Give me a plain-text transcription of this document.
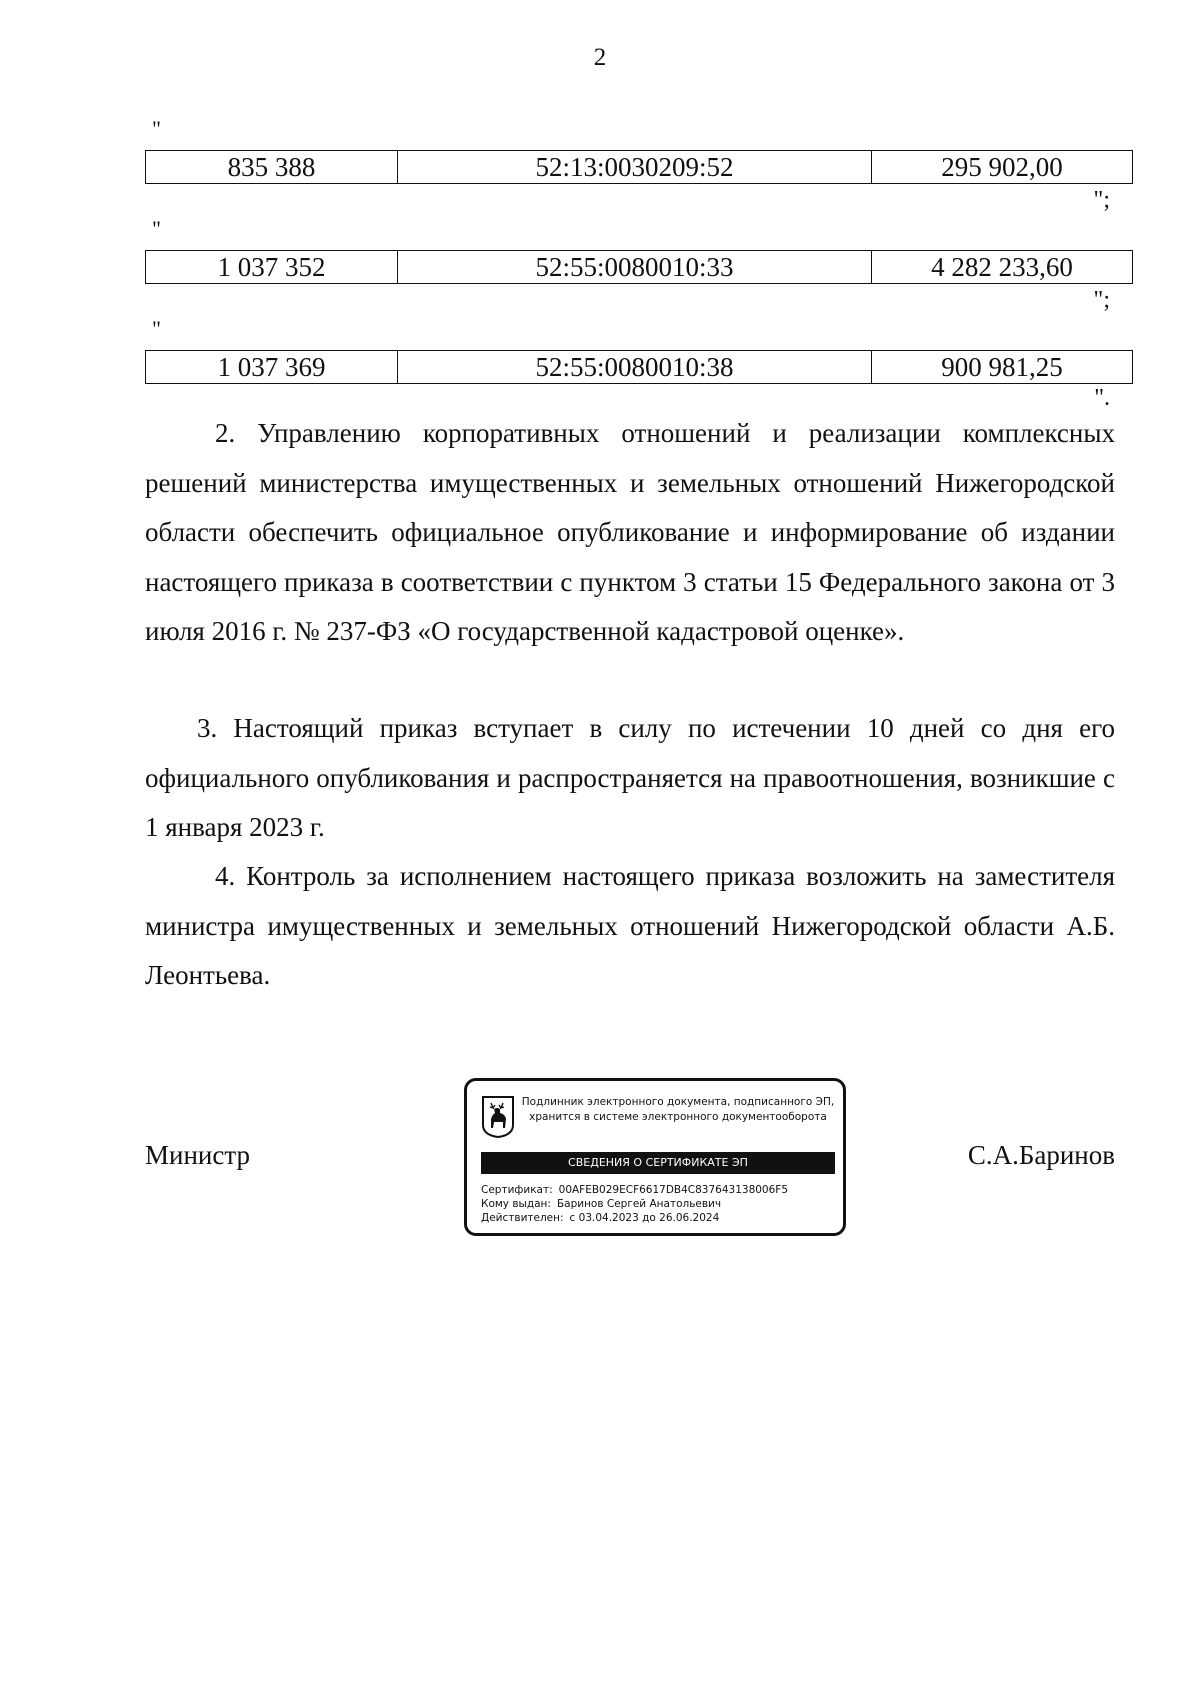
2
"
835 388	52:13:0030209:52	295 902,00
";
"
1 037 352	52:55:0080010:33	4 282 233,60
";
"
1 037 369	52:55:0080010:38	900 981,25
".
2. Управлению корпоративных отношений и реализации комплексных решений министерства имущественных и земельных отношений Нижегородской области обеспечить официальное опубликование и информирование об издании настоящего приказа в соответствии с пунктом 3 статьи 15 Федерального закона от 3 июля 2016 г. № 237-ФЗ «О государственной кадастровой оценке».
3. Настоящий приказ вступает в силу по истечении 10 дней со дня его официального опубликования и распространяется на правоотношения, возникшие с 1 января 2023 г.
4. Контроль за исполнением настоящего приказа возложить на заместителя министра имущественных и земельных отношений Нижегородской области А.Б. Леонтьева.
Министр
Подлинник электронного документа, подписанного ЭП,
хранится в системе электронного документооборота
СВЕДЕНИЯ О СЕРТИФИКАТЕ ЭП
Сертификат: 00AFEB029ECF6617DB4C837643138006F5
Кому выдан: Баринов Сергей Анатольевич
Действителен: с 03.04.2023 до 26.06.2024
С.А.Баринов
